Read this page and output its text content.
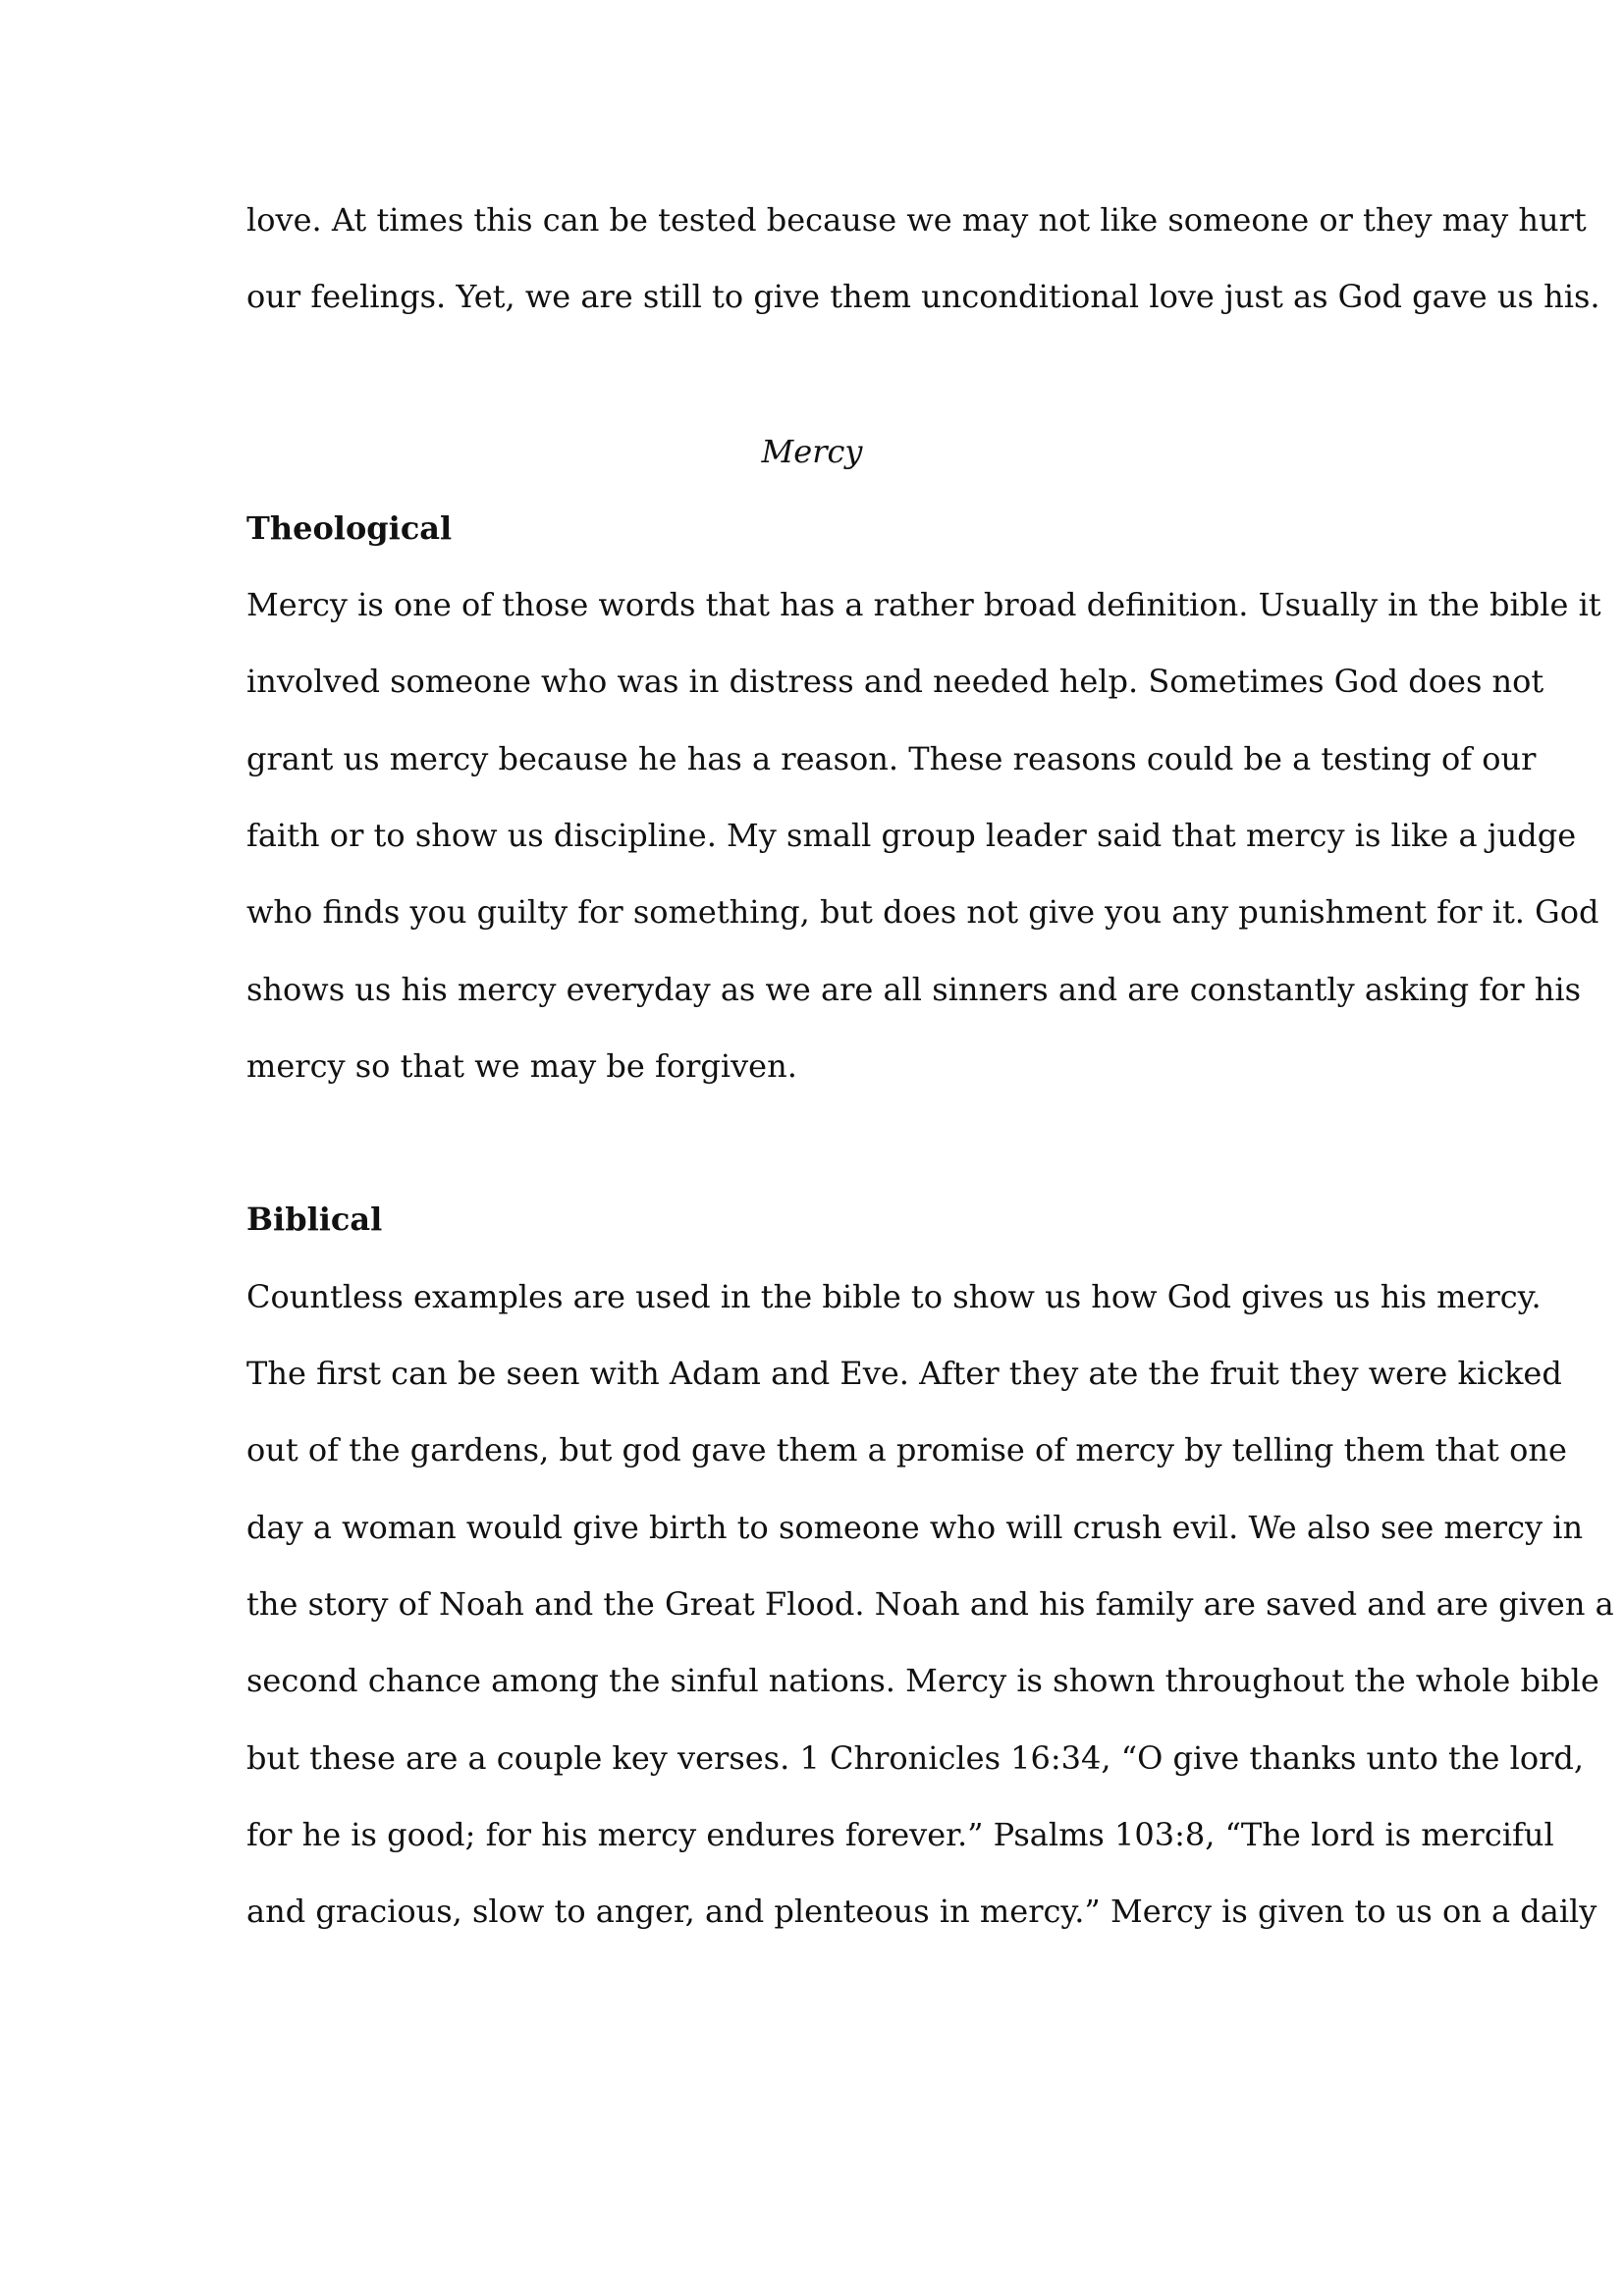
love. At times this can be tested because we may not like someone or they may hurt
our feelings. Yet, we are still to give them unconditional love just as God gave us his.
Mercy
Theological
Mercy is one of those words that has a rather broad definition. Usually in the bible it
involved someone who was in distress and needed help. Sometimes God does not
grant us mercy because he has a reason. These reasons could be a testing of our
faith or to show us discipline. My small group leader said that mercy is like a judge
who finds you guilty for something, but does not give you any punishment for it. God
shows us his mercy everyday as we are all sinners and are constantly asking for his
mercy so that we may be forgiven.
Biblical
Countless examples are used in the bible to show us how God gives us his mercy.
The first can be seen with Adam and Eve. After they ate the fruit they were kicked
out of the gardens, but god gave them a promise of mercy by telling them that one
day a woman would give birth to someone who will crush evil. We also see mercy in
the story of Noah and the Great Flood. Noah and his family are saved and are given a
second chance among the sinful nations. Mercy is shown throughout the whole bible
but these are a couple key verses. 1 Chronicles 16:34, “O give thanks unto the lord,
for he is good; for his mercy endures forever.” Psalms 103:8, “The lord is merciful
and gracious, slow to anger, and plenteous in mercy.” Mercy is given to us on a daily
